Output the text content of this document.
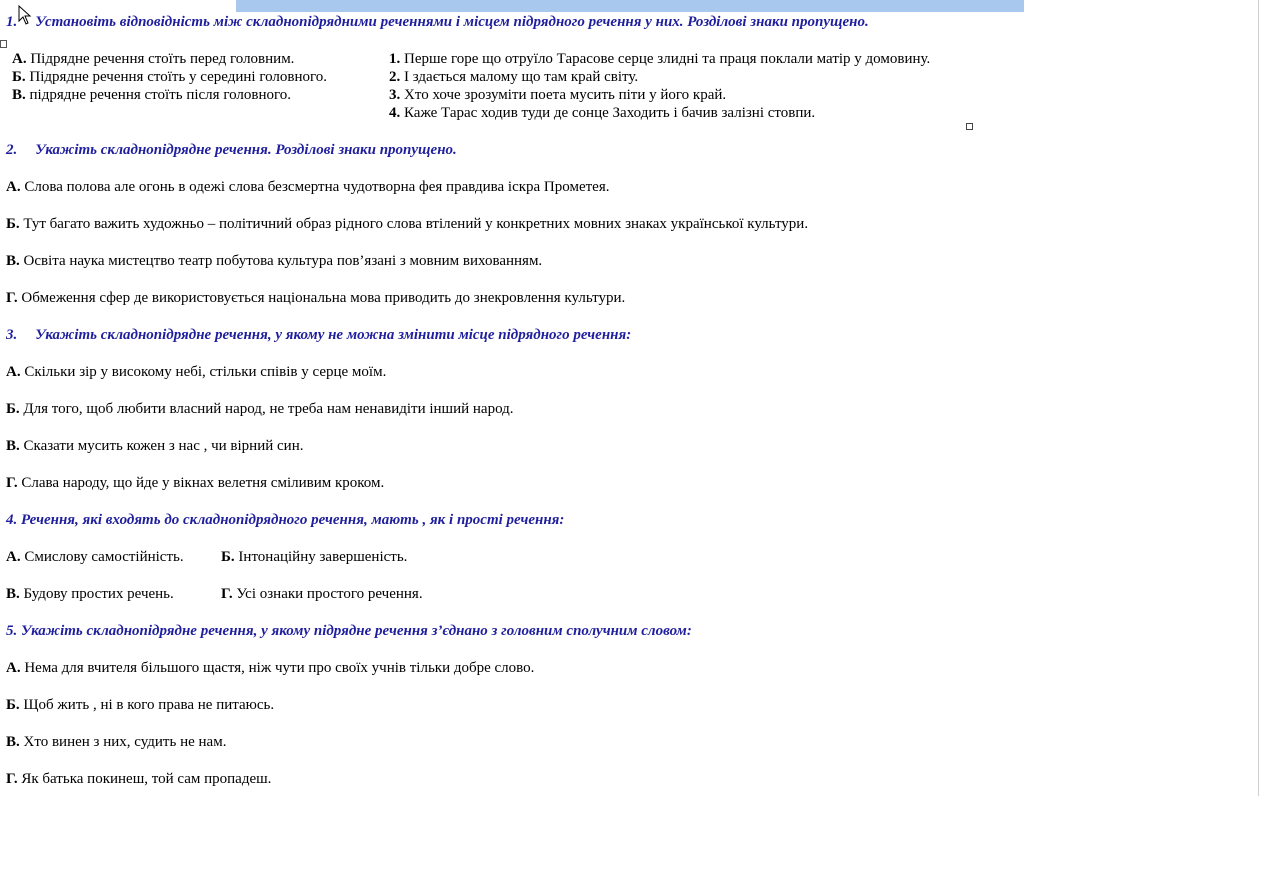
1. Установіть відповідність між складнопідрядними реченнями і місцем підрядного речення у них. Розділові знаки пропущено.
А. Підрядне речення стоїть перед головним.
Б. Підрядне речення стоїть у середині головного.
В. підрядне речення стоїть після головного.
1. Перше горе що отруїло Тарасове серце злидні та праця поклали матір у домовину.
2. І здається малому що там край світу.
3. Хто хоче зрозуміти поета мусить піти у його край.
4. Каже Тарас ходив туди де сонце Заходить і бачив залізні стовпи.
2. Укажіть складнопідрядне речення. Розділові знаки пропущено.
А. Слова полова але огонь в одежі слова безсмертна чудотворна фея правдива іскра Прометея.
Б. Тут багато важить художньо – політичний образ рідного слова втілений у конкретних мовних знаках української культури.
В. Освіта наука мистецтво театр побутова культура пов’язані з мовним вихованням.
Г. Обмеження сфер де використовується національна мова приводить до знекровлення культури.
3. Укажіть складнопідрядне речення, у якому не можна змінити місце підрядного речення:
А. Скільки зір у високому небі, стільки співів у серце моїм.
Б. Для того, щоб любити власний народ, не треба нам ненавидіти інший народ.
В. Сказати мусить кожен з нас , чи вірний син.
Г. Слава народу, що йде у вікнах велетня сміливим кроком.
4. Речення, які входять до складнопідрядного речення, мають , як і прості речення:
А. Смислову самостійність. Б. Інтонаційну завершеність.
В. Будову простих речень.	Г. Усі ознаки простого речення.
5. Укажіть складнопідрядне речення, у якому підрядне речення з’єднано з головним сполучним словом:
А. Нема для вчителя більшого щастя, ніж чути про своїх учнів тільки добре слово.
Б. Щоб жить , ні в кого права не питаюсь.
В. Хто винен з них, судить не нам.
Г. Як батька покинеш, той сам пропадеш.
